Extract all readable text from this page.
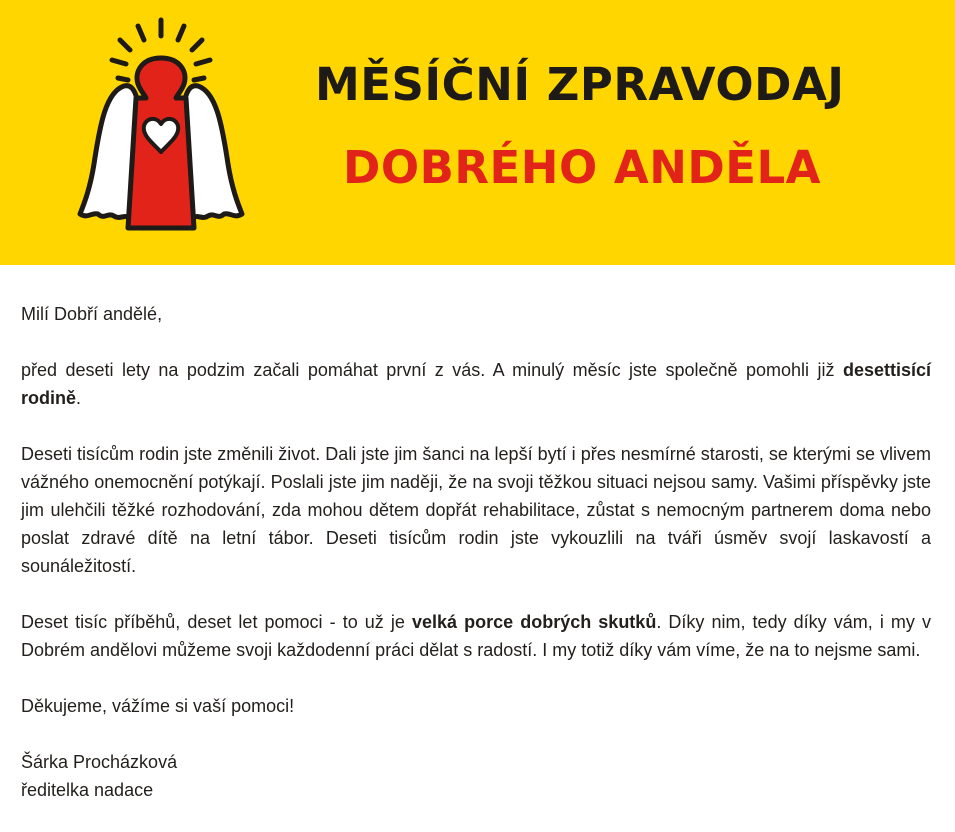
MĚSÍČNÍ ZPRAVODAJ
DOBRÉHO ANDĚLA

Milí Dobří andělé,

před deseti lety na podzim začali pomáhat první z vás. A minulý měsíc jste společně pomohli již desettisící rodině.

Deseti tisícům rodin jste změnili život. Dali jste jim šanci na lepší bytí i přes nesmírné starosti, se kterými se vlivem vážného onemocnění potýkají. Poslali jste jim naději, že na svoji těžkou situaci nejsou samy. Vašimi příspěvky jste jim ulehčili těžké rozhodování, zda mohou dětem dopřát rehabilitace, zůstat s nemocným partnerem doma nebo poslat zdravé dítě na letní tábor. Deseti tisícům rodin jste vykouzlili na tváři úsměv svojí laskavostí a sounáležitostí.

Deset tisíc příběhů, deset let pomoci - to už je velká porce dobrých skutků. Díky nim, tedy díky vám, i my v Dobrém andělovi můžeme svoji každodenní práci dělat s radostí. I my totiž díky vám víme, že na to nejsme sami.

Děkujeme, vážíme si vaší pomoci!

Šárka Procházková

ředitelka nadace
